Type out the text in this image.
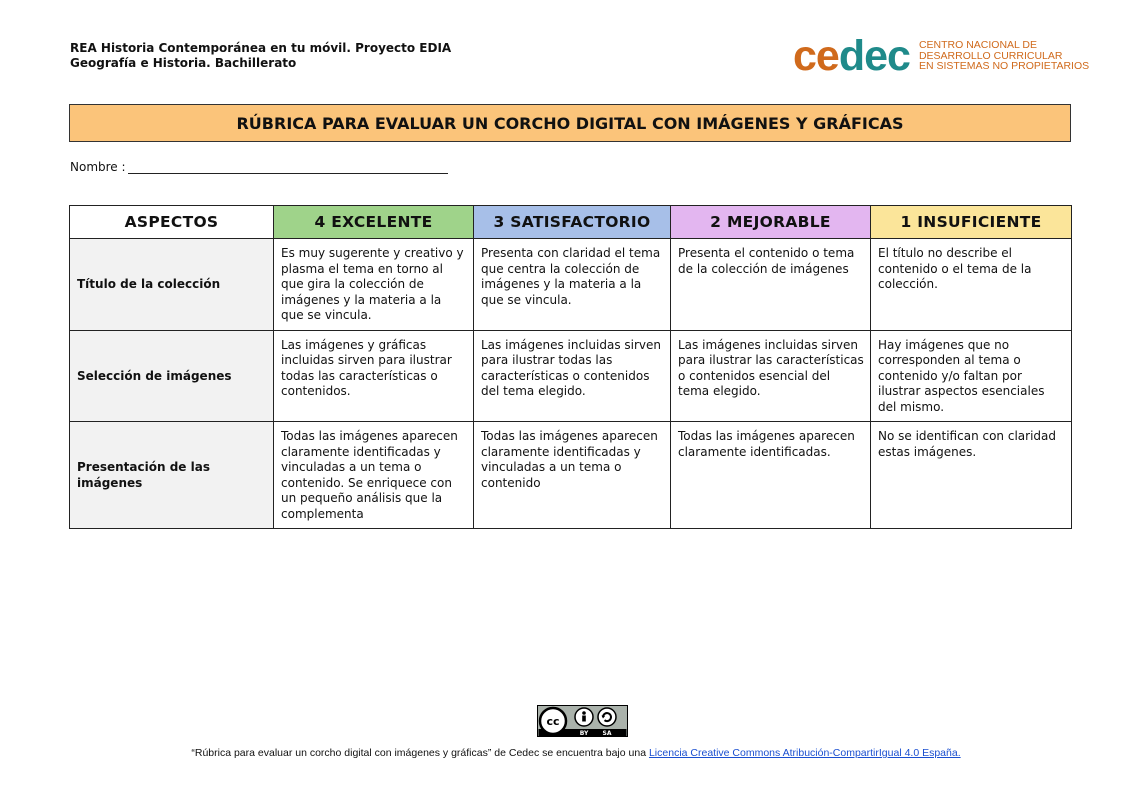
REA Historia Contemporánea en tu móvil. Proyecto EDIA
Geografía e Historia. Bachillerato	cedec CENTRO NACIONAL DE
DESARROLLO CURRICULAR
EN SISTEMAS NO PROPIETARIOS
RÚBRICA PARA EVALUAR UN CORCHO DIGITAL CON IMÁGENES Y GRÁFICAS
Nombre :
ASPECTOS	4 EXCELENTE	3 SATISFACTORIO	2 MEJORABLE	1 INSUFICIENTE
Título de la colección	Es muy sugerente y creativo y plasma el tema en torno al que gira la colección de imágenes y la materia a la que se vincula.	Presenta con claridad el tema que centra la colección de imágenes y la materia a la que se vincula.	Presenta el contenido o tema de la colección de imágenes	El título no describe el contenido o el tema de la colección.
Selección de imágenes	Las imágenes y gráficas incluidas sirven para ilustrar todas las características o contenidos.	Las imágenes incluidas sirven para ilustrar todas las características o contenidos del tema elegido.	Las imágenes incluidas sirven para ilustrar las características o contenidos esencial del tema elegido.	Hay imágenes que no corresponden al tema o contenido y/o faltan por ilustrar aspectos esenciales del mismo.
Presentación de las imágenes	Todas las imágenes aparecen claramente identificadas y vinculadas a un tema o contenido. Se enriquece con un pequeño análisis que la complementa	Todas las imágenes aparecen claramente identificadas y vinculadas a un tema o contenido	Todas las imágenes aparecen claramente identificadas.	No se identifican con claridad estas imágenes.
cc
BY SA
“Rúbrica para evaluar un corcho digital con imágenes y gráficas” de Cedec se encuentra bajo una Licencia Creative Commons Atribución-CompartirIgual 4.0 España.
